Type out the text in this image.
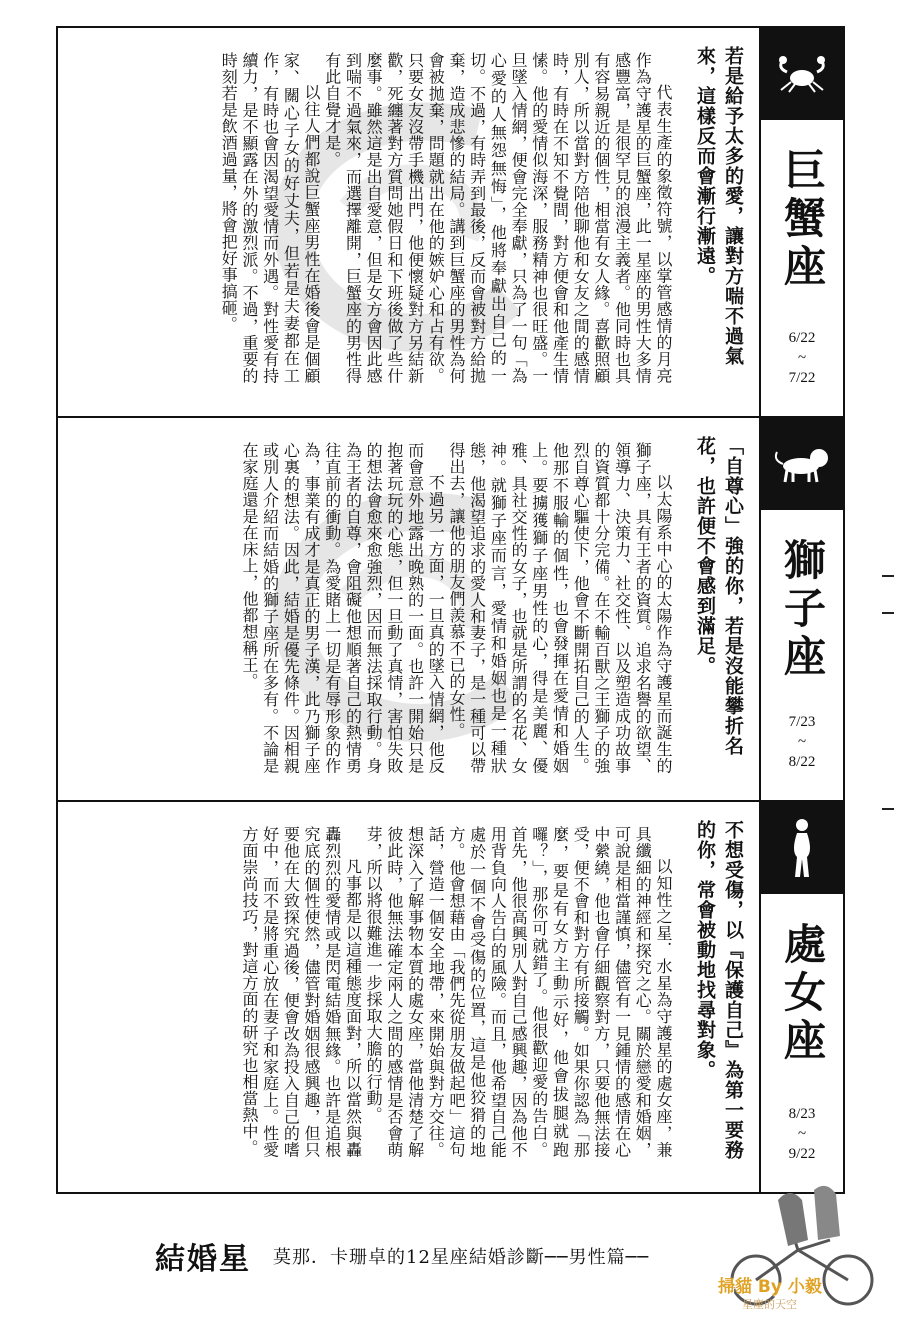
巨蟹座
6/22
~
7/22
若是給予太多的愛，讓對方喘不過氣來，這樣反而會漸行漸遠。

代表生產的象徵符號，以掌管感情的月亮作為守護星的巨蟹座，此一星座的男性大多情感豐富，是很罕見的浪漫主義者。他同時也具有容易親近的個性，相當有女人緣。喜歡照顧別人，所以當對方陪他聊他和女友之間的感情時，有時在不知不覺間，對方便會和他產生情愫。他的愛情似海深，服務精神也很旺盛。一旦墜入情網，便會完全奉獻，只為了一句「為心愛的人無怨無悔」，他將奉獻出自己的一切。不過，有時弄到最後，反而會被對方給拋棄，造成悲慘的結局。講到巨蟹座的男性為何會被拋棄，問題就出在他的嫉妒心和占有欲。只要女友沒帶手機出門，他便懷疑對方另結新歡，死纏著對方質問她假日和下班後做了些什麼事。雖然這是出自愛意，但是女方會因此感到喘不過氣來，而選擇離開，巨蟹座的男性得有此自覺才是。

以往人們都說巨蟹座男性在婚後會是個顧家、關心子女的好丈夫，但若是夫妻都在工作，有時也會因渴望愛情而外遇。對性愛有持續力，是不顯露在外的激烈派。不過，重要的時刻若是飲酒過量，將會把好事搞砸。

獅子座
7/23
~
8/22
「自尊心」強的你，若是沒能攀折名花，也許便不會感到滿足。

以太陽系中心的太陽作為守護星而誕生的獅子座，具有王者的資質。追求名譽的欲望、領導力、決策力、社交性、以及塑造成功故事的資質都十分完備。在不輸百獸之王獅子的強烈自尊心驅使下，他會不斷開拓自己的人生。他那不服輸的個性，也會發揮在愛情和婚姻上。要擄獲獅子座男性的心，得是美麗、優雅、具社交性的女子，也就是所謂的名花、女神。就獅子座而言，愛情和婚姻也是一種狀態，他渴望追求的愛人和妻子，是一種可以帶得出去，讓他的朋友們羨慕不已的女性。

不過另一方面，一旦真的墜入情網，他反而會意外地露出晚熟的一面。也許一開始只是抱著玩玩的心態，但一旦動了真情，害怕失敗的想法會愈來愈強烈，因而無法採取行動。身為王者的自尊，會阻礙他想順著自己的熱情勇往直前的衝動。為愛賭上一切是有辱形象的作為，事業有成才是真正的男子漢，此乃獅子座心裏的想法。因此，結婚是優先條件。因相親或別人介紹而結婚的獅子座所在多有。不論是在家庭還是在床上，他都想稱王。

處女座
8/23
~
9/22
不想受傷，以『保護自己』為第一要務的你，常會被動地找尋對象。

以知性之星．水星為守護星的處女座，兼具纖細的神經和探究之心。關於戀愛和婚姻，可說是相當謹慎，儘管有一見鍾情的感情在心中縈繞，他也會仔細觀察對方，只要他無法接受，便不會和對方有所接觸。如果你認為「那麼，要是有女方主動示好，他會拔腿就跑囉？」，那你可就錯了。他很歡迎愛的告白。首先，他很高興別人對自己感興趣，因為他不用背負向人告白的風險。而且，他希望自己能處於一個不會受傷的位置，這是他狡猾的地方。他會想藉由「我們先從朋友做起吧」這句話，營造一個安全地帶，來開始與對方交往。想深入了解事物本質的處女座，當他清楚了解彼此時，他無法確定兩人之間的感情是否會萌芽，所以將很難進一步採取大膽的行動。

凡事都是以這種態度面對，所以當然與轟轟烈烈的愛情或是閃電結婚無緣。也許是追根究底的個性使然，儘管對婚姻很感興趣，但只要他在大致探究過後，便會改為投入自己的嗜好中，而不是將重心放在妻子和家庭上。性愛方面崇尚技巧，對這方面的研究也相當熱中。

結婚星 莫那．卡珊卓的12星座結婚診斷──男性篇──
掃貓 By 小毅
星塵的天空
